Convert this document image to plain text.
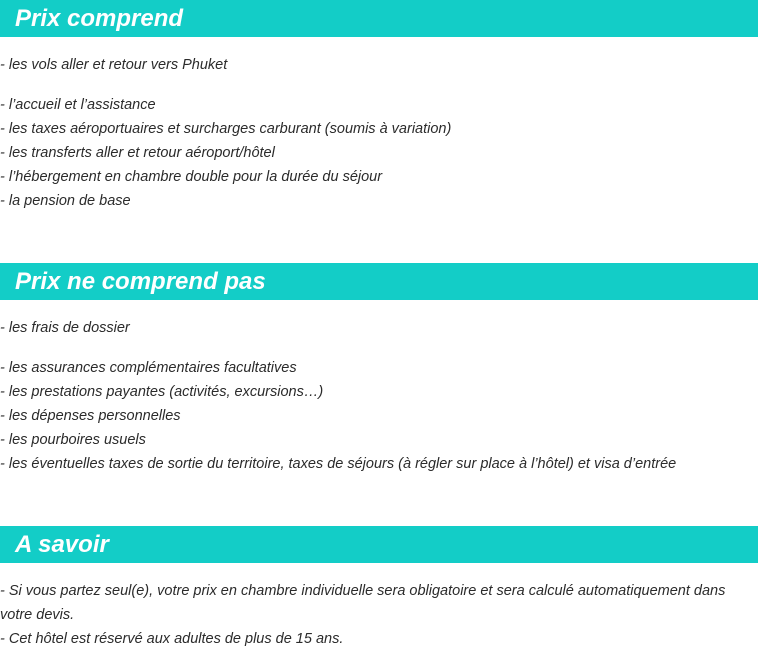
Prix comprend
- les vols aller et retour vers Phuket
- l’accueil et l’assistance
- les taxes aéroportuaires et surcharges carburant (soumis à variation)
- les transferts aller et retour aéroport/hôtel
- l’hébergement en chambre double pour la durée du séjour
- la pension de base
Prix ne comprend pas
- les frais de dossier
- les assurances complémentaires facultatives
- les prestations payantes (activités, excursions…)
- les dépenses personnelles
- les pourboires usuels
- les éventuelles taxes de sortie du territoire, taxes de séjours (à régler sur place à l’hôtel) et visa d’entrée
A savoir

- Si vous partez seul(e), votre prix en chambre individuelle sera obligatoire et sera calculé automatiquement dans votre devis.

- Cet hôtel est réservé aux adultes de plus de 15 ans.
